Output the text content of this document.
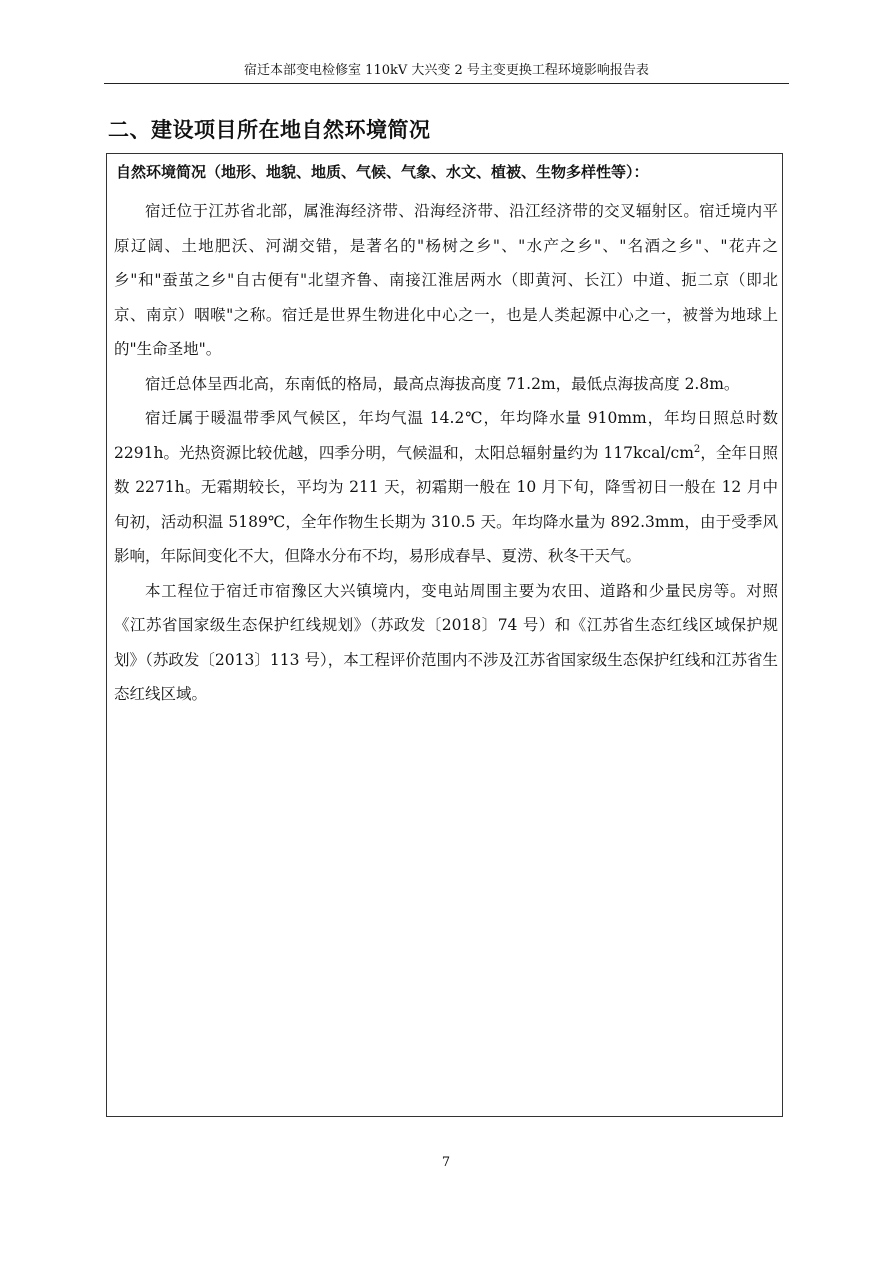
宿迁本部变电检修室 110kV 大兴变 2 号主变更换工程环境影响报告表
二、建设项目所在地自然环境简况
自然环境简况（地形、地貌、地质、气候、气象、水文、植被、生物多样性等）：

宿迁位于江苏省北部，属淮海经济带、沿海经济带、沿江经济带的交叉辐射区。宿迁境内平原辽阔、土地肥沃、河湖交错，是著名的"杨树之乡"、"水产之乡"、"名酒之乡"、"花卉之乡"和"蚕茧之乡"自古便有"北望齐鲁、南接江淮居两水（即黄河、长江）中道、扼二京（即北京、南京）咽喉"之称。宿迁是世界生物进化中心之一，也是人类起源中心之一，被誉为地球上的"生命圣地"。

宿迁总体呈西北高，东南低的格局，最高点海拔高度 71.2m，最低点海拔高度 2.8m。

宿迁属于暖温带季风气候区，年均气温 14.2℃，年均降水量 910mm，年均日照总时数 2291h。光热资源比较优越，四季分明，气候温和，太阳总辐射量约为 $117kcal/cm^2$，全年日照数 2271h。无霜期较长，平均为 211 天，初霜期一般在 10 月下旬，降雪初日一般在 12 月中旬初，活动积温 5189℃，全年作物生长期为 310.5 天。年均降水量为 892.3mm，由于受季风影响，年际间变化不大，但降水分布不均，易形成春旱、夏涝、秋冬干天气。

本工程位于宿迁市宿豫区大兴镇境内，变电站周围主要为农田、道路和少量民房等。对照《江苏省国家级生态保护红线规划》（苏政发〔2018〕74 号）和《江苏省生态红线区域保护规划》（苏政发〔2013〕113 号），本工程评价范围内不涉及江苏省国家级生态保护红线和江苏省生态红线区域。

7
